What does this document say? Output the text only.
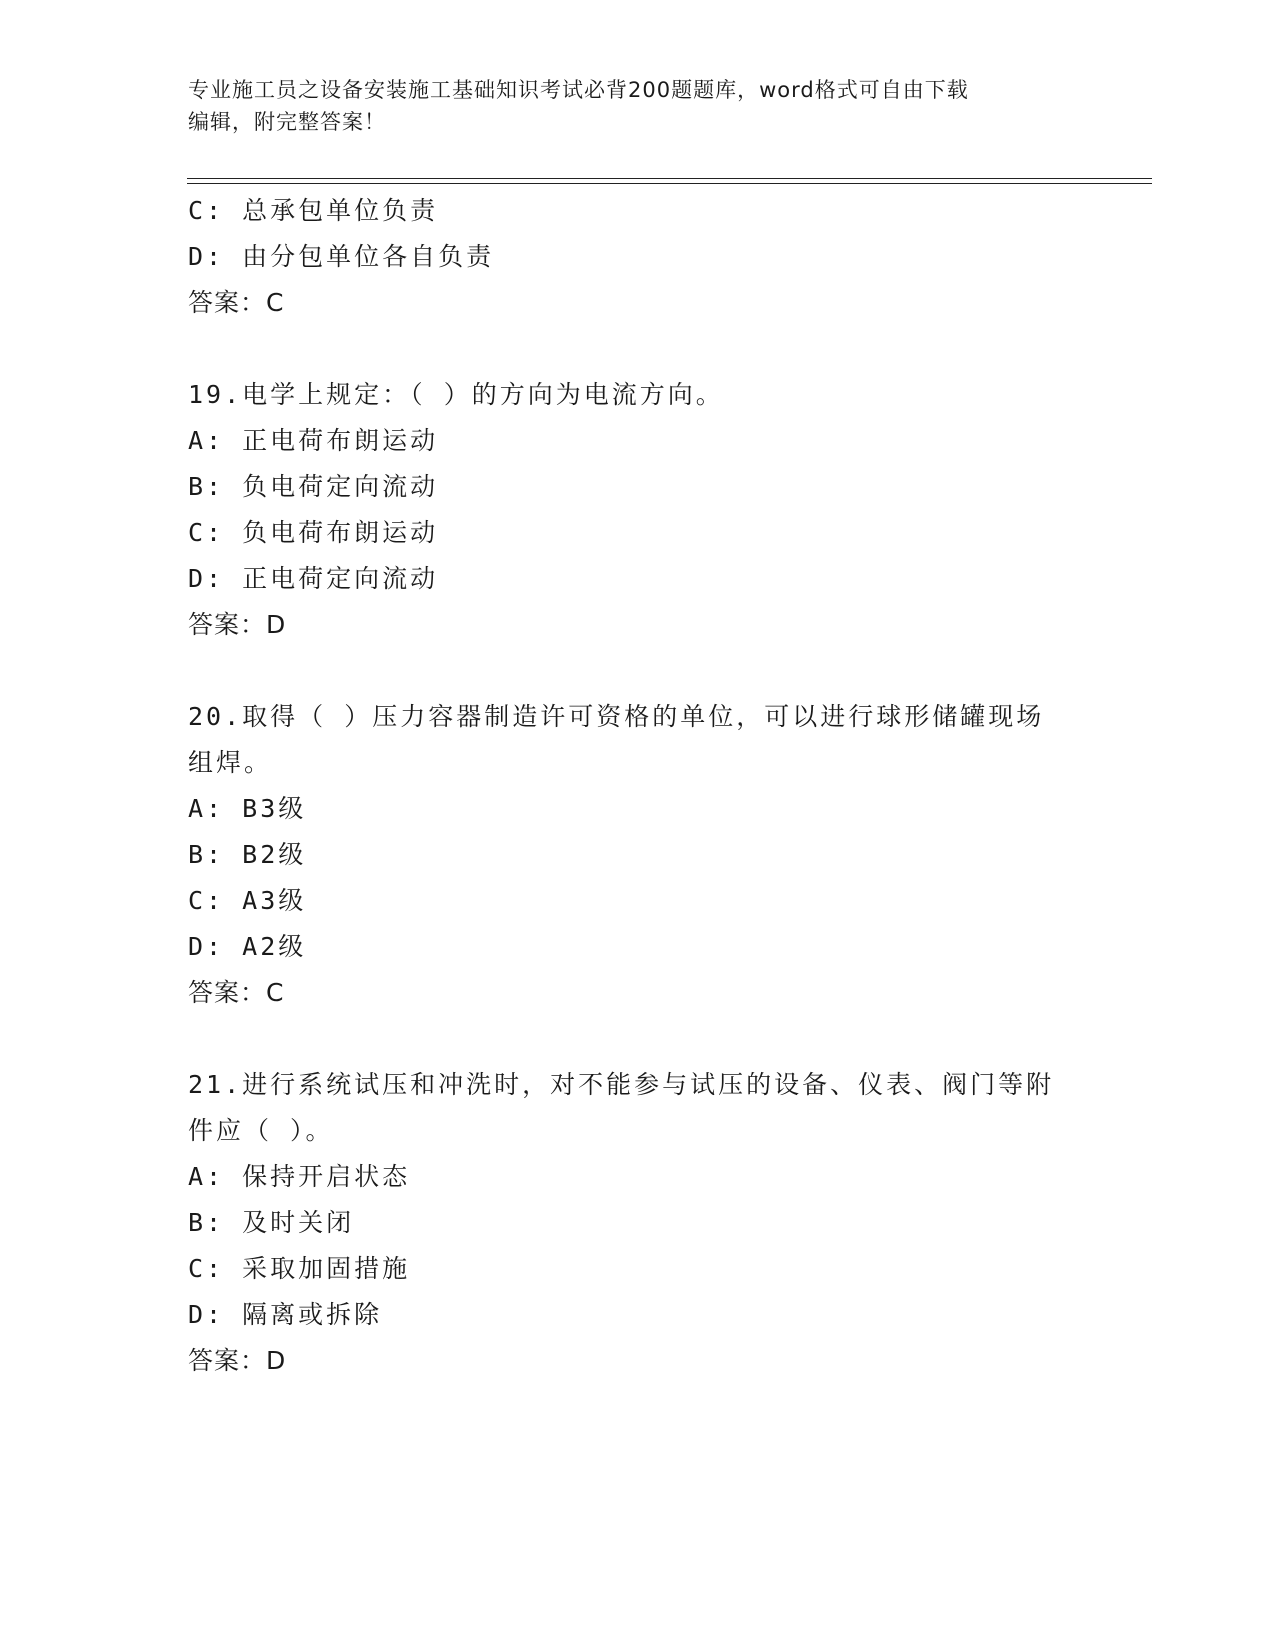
专业施工员之设备安装施工基础知识考试必背200题题库，word格式可自由下载
编辑，附完整答案！
C: 总承包单位负责
D: 由分包单位各自负责
答案：C
19.电学上规定：（ ）的方向为电流方向。
A: 正电荷布朗运动
B: 负电荷定向流动
C: 负电荷布朗运动
D: 正电荷定向流动
答案：D
20.取得（ ）压力容器制造许可资格的单位，可以进行球形储罐现场
组焊。
A: B3级
B: B2级
C: A3级
D: A2级
答案：C
21.进行系统试压和冲洗时，对不能参与试压的设备、仪表、阀门等附
件应（ ）。
A: 保持开启状态
B: 及时关闭
C: 采取加固措施
D: 隔离或拆除
答案：D
